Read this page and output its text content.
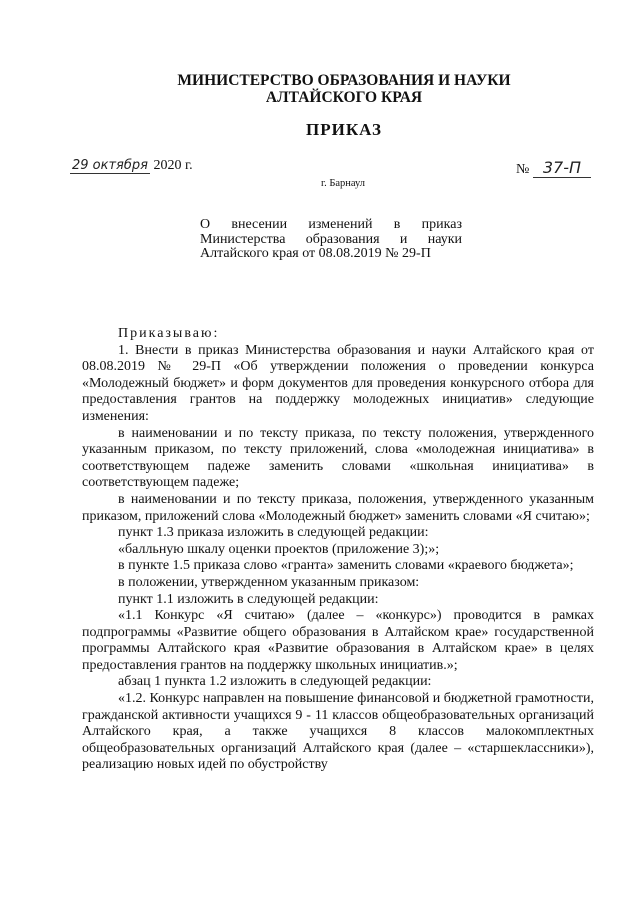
МИНИСТЕРСТВО ОБРАЗОВАНИЯ И НАУКИ
АЛТАЙСКОГО КРАЯ
ПРИКАЗ
29 октября 2020 г.	№ 37-П
г. Барнаул
О внесении изменений в приказ Министерства образования и науки Алтайского края от 08.08.2019 № 29-П

Приказываю:

1. Внести в приказ Министерства образования и науки Алтайского края от 08.08.2019 № 29-П «Об утверждении положения о проведении конкурса «Молодежный бюджет» и форм документов для проведения конкурсного отбора для предоставления грантов на поддержку молодежных инициатив» следующие изменения:

в наименовании и по тексту приказа, по тексту положения, утвержденного указанным приказом, по тексту приложений, слова «молодежная инициатива» в соответствующем падеже заменить словами «школьная инициатива» в соответствующем падеже;

в наименовании и по тексту приказа, положения, утвержденного указанным приказом, приложений слова «Молодежный бюджет» заменить словами «Я считаю»;

пункт 1.3 приказа изложить в следующей редакции:

«балльную шкалу оценки проектов (приложение 3);»;

в пункте 1.5 приказа слово «гранта» заменить словами «краевого бюджета»;

в положении, утвержденном указанным приказом:

пункт 1.1 изложить в следующей редакции:

«1.1 Конкурс «Я считаю» (далее – «конкурс») проводится в рамках подпрограммы «Развитие общего образования в Алтайском крае» государственной программы Алтайского края «Развитие образования в Алтайском крае» в целях предоставления грантов на поддержку школьных инициатив.»;

абзац 1 пункта 1.2 изложить в следующей редакции:

«1.2. Конкурс направлен на повышение финансовой и бюджетной грамотности, гражданской активности учащихся 9 - 11 классов общеобразовательных организаций Алтайского края, а также учащихся 8 классов малокомплектных общеобразовательных организаций Алтайского края (далее – «старшеклассники»), реализацию новых идей по обустройству
